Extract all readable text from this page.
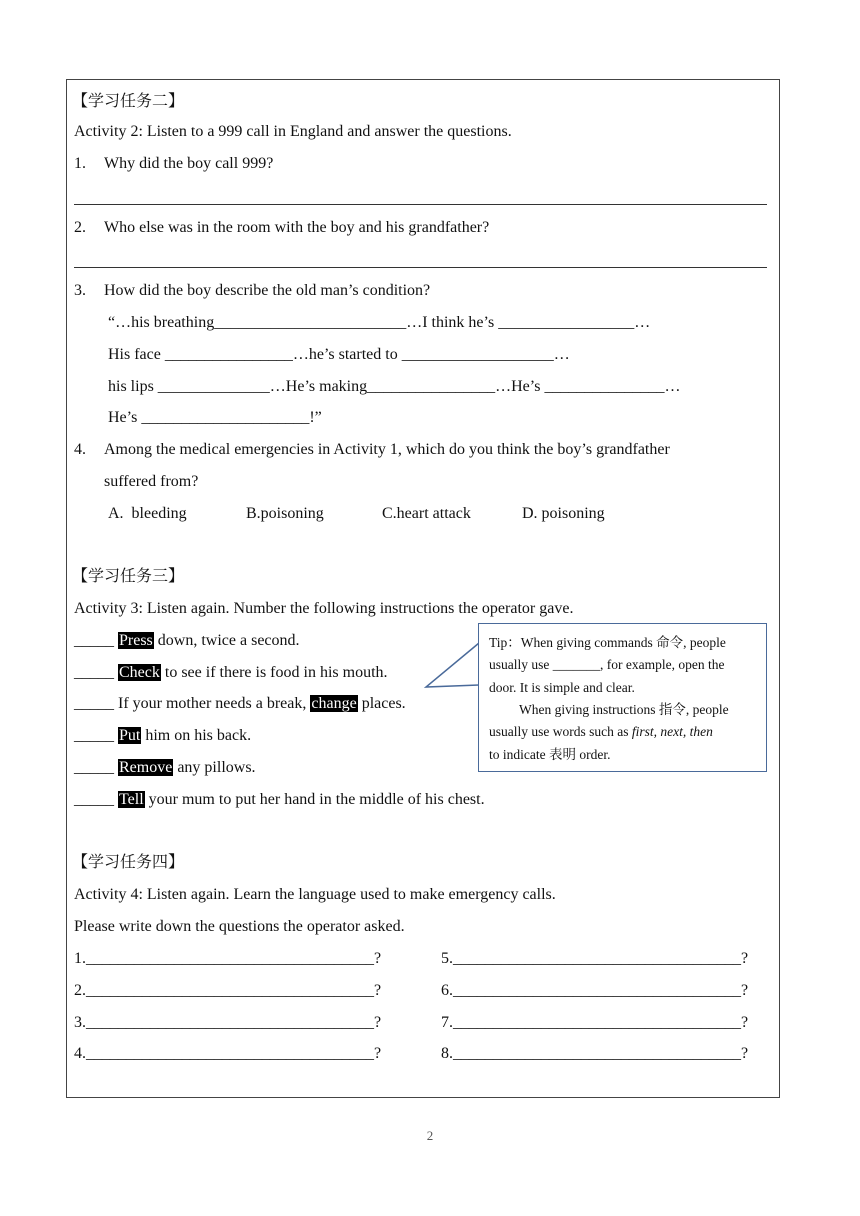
【学习任务二】
Activity 2: Listen to a 999 call in England and answer the questions.
1. Why did the boy call 999?
2. Who else was in the room with the boy and his grandfather?
3. How did the boy describe the old man’s condition?
“…his breathing________________________…I think he’s _________________…
His face ________________…he’s started to ___________________…
his lips ______________…He’s making________________…He’s _______________…
He’s _____________________!”
4. Among the medical emergencies in Activity 1, which do you think the boy’s grandfather
suffered from?
A.  bleeding	B.poisoning	C.heart attack	D. poisoning
【学习任务三】
Activity 3: Listen again. Number the following instructions the operator gave.
_____ Press down, twice a second.
_____ Check to see if there is food in his mouth.
_____ If your mother needs a break, change places.
_____ Put him on his back.
_____ Remove any pillows.
_____ Tell your mum to put her hand in the middle of his chest.
Tip：When giving commands 命令, people
usually use _______, for example, open the
door. It is simple and clear.
When giving instructions 指令, people
usually use words such as first, next, then
to indicate 表明 order.
【学习任务四】
Activity 4: Listen again. Learn the language used to make emergency calls.
Please write down the questions the operator asked.
1.____________________________________?
2.____________________________________?
3.____________________________________?
4.____________________________________?
5.____________________________________?
6.____________________________________?
7.____________________________________?
8.____________________________________?
2
